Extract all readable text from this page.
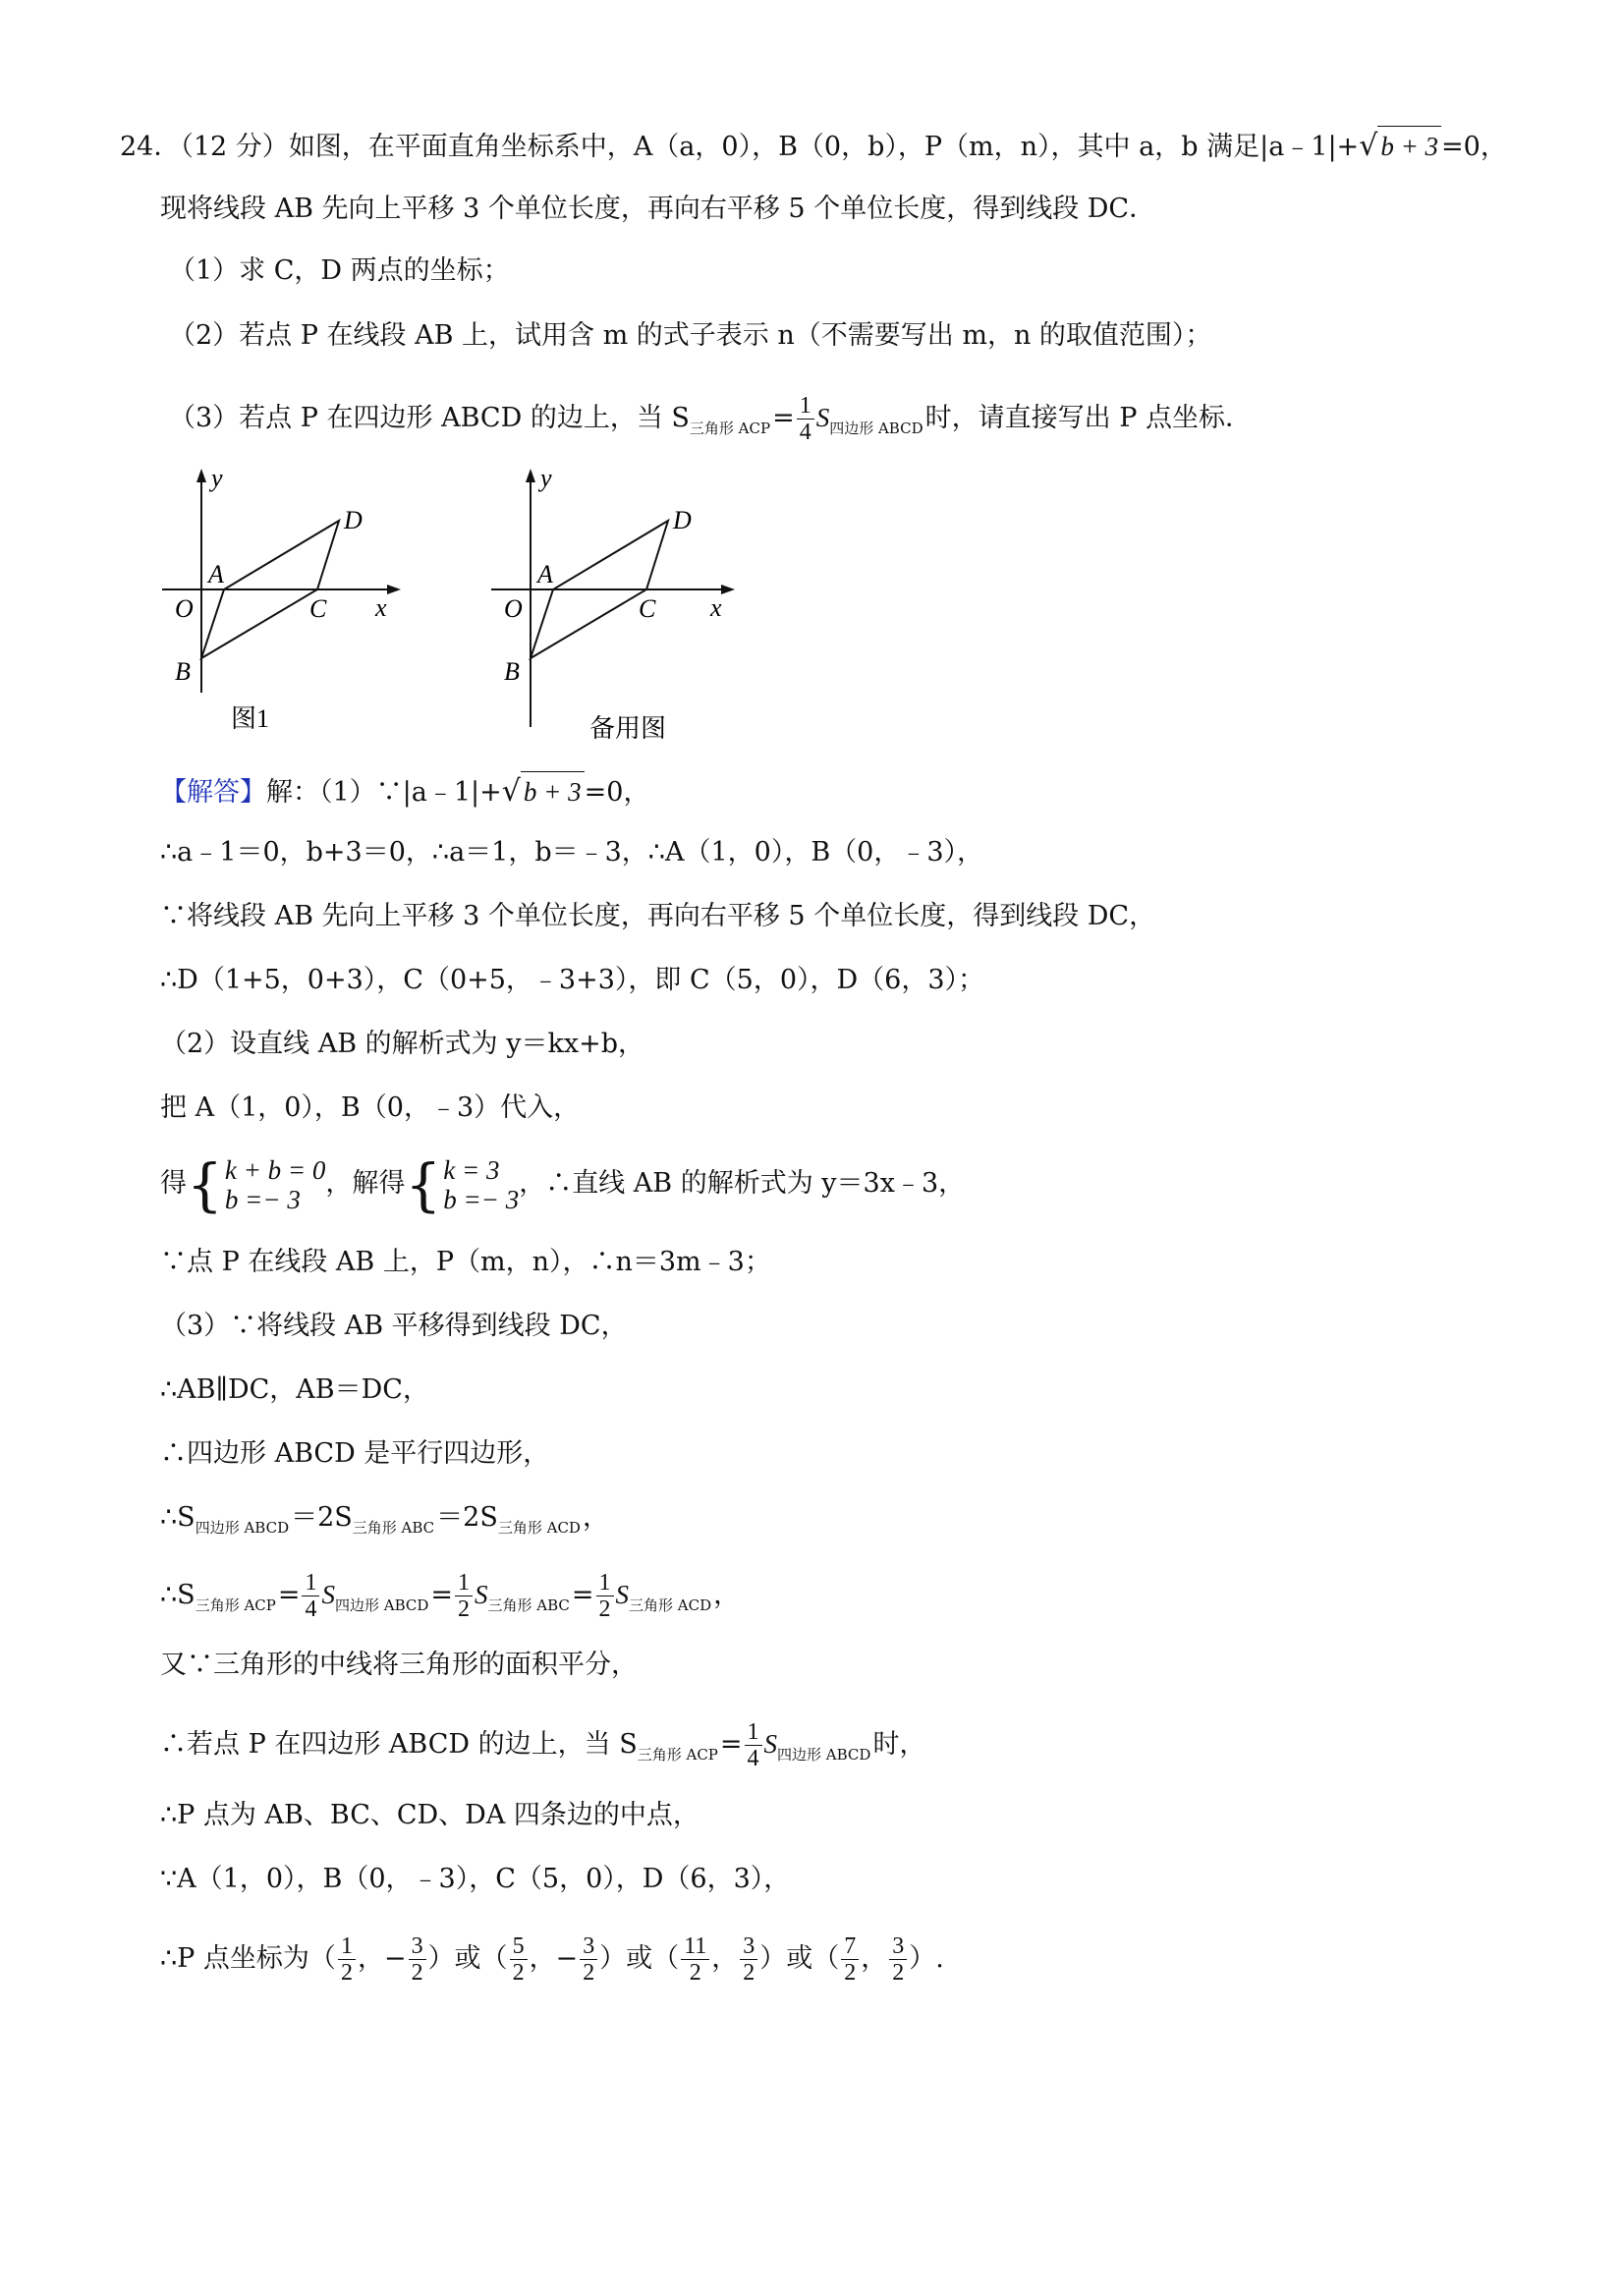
24．（12 分）如图，在平面直角坐标系中，A（a，0），B（0，b），P（m，n），其中 a，b 满足|a﹣1|+ √ b + 3 =0，
现将线段 AB 先向上平移 3 个单位长度，再向右平移 5 个单位长度，得到线段 DC．
（1）求 C，D 两点的坐标；
（2）若点 P 在线段 AB 上，试用含 m 的式子表示 n（不需要写出 m，n 的取值范围）；
（3）若点 P 在四边形 ABCD 的边上，当 $S_{三角形 ACP}= \frac{1}{4} S_{四边形 ABCD}$时，请直接写出 P 点坐标．
y
x
O
A
B
C
D
图1
y
x
O
A
B
C
D
备用图
【解答】解：（1）∵|a﹣1|+ √ b + 3 =0，
∴a﹣1＝0，b+3＝0，∴a＝1，b＝﹣3，∴A（1，0），B（0，﹣3），
∵将线段 AB 先向上平移 3 个单位长度，再向右平移 5 个单位长度，得到线段 DC，
∴D（1+5，0+3），C（0+5，﹣3+3），即 C（5，0），D（6，3）；
（2）设直线 AB 的解析式为 y＝kx+b，
把 A（1，0），B（0，﹣3）代入，
得 { k + b = 0
b =− 3
，解得 { k = 3
b =− 3
，∴直线 AB 的解析式为 y＝3x﹣3，
∵点 P 在线段 AB 上，P（m，n），∴n＝3m﹣3；
（3）∵将线段 AB 平移得到线段 DC，
∴AB∥DC，AB＝DC，
∴四边形 ABCD 是平行四边形，
$\therefore S_{四边形 ABCD}=2S_{三角形 ABC}=2S_{三角形 ACD}$，
$\therefore S_{三角形 ACP}= \frac{1}{4} S_{四边形 ABCD}= \frac{1}{2} S_{三角形 ABC}= \frac{1}{2} S_{三角形 ACD}$，
又∵三角形的中线将三角形的面积平分，
∴若点 P 在四边形 ABCD 的边上，当 $S_{三角形 ACP}= \frac{1}{4} S_{四边形 ABCD}$时，
∴P 点为 AB、BC、CD、DA 四条边的中点，
∵A（1，0），B（0，﹣3），C（5，0），D（6，3），
∴P 点坐标为（ $\frac{1}{2}$ ，− $\frac{3}{2}$ ）或（ $\frac{5}{2}$ ，− $\frac{3}{2}$ ）或（ $\frac{11}{2}$ ， $\frac{3}{2}$ ）或（ $\frac{7}{2}$ ， $\frac{3}{2}$ ）.
